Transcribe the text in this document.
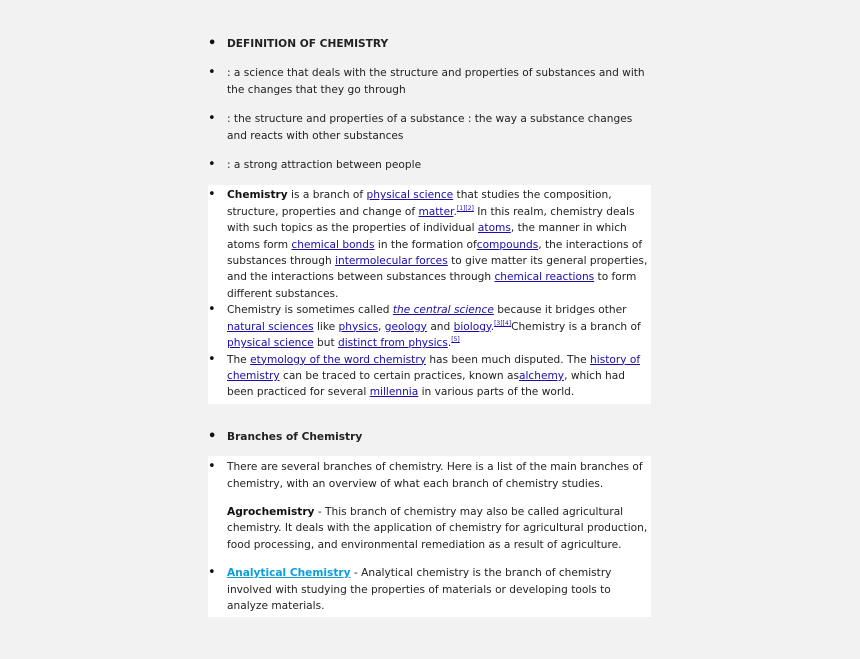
• DEFINITION OF CHEMISTRY
• : a science that deals with the structure and properties of substances and with the changes that they go through
• : the structure and properties of a substance : the way a substance changes and reacts with other substances
• : a strong attraction between people
• Chemistry is a branch of physical science that studies the composition, structure, properties and change of matter.[1][2] In this realm, chemistry deals with such topics as the properties of individual atoms, the manner in which atoms form chemical bonds in the formation ofcompounds, the interactions of substances through intermolecular forces to give matter its general properties, and the interactions between substances through chemical reactions to form different substances.
• Chemistry is sometimes called the central science because it bridges other natural sciences like physics, geology and biology.[3][4]Chemistry is a branch of physical science but distinct from physics.[5]
• The etymology of the word chemistry has been much disputed. The history of chemistry can be traced to certain practices, known asalchemy, which had been practiced for several millennia in various parts of the world.
• Branches of Chemistry
• There are several branches of chemistry. Here is a list of the main branches of chemistry, with an overview of what each branch of chemistry studies.
Agrochemistry - This branch of chemistry may also be called agricultural chemistry. It deals with the application of chemistry for agricultural production, food processing, and environmental remediation as a result of agriculture.
• Analytical Chemistry - Analytical chemistry is the branch of chemistry involved with studying the properties of materials or developing tools to analyze materials.
